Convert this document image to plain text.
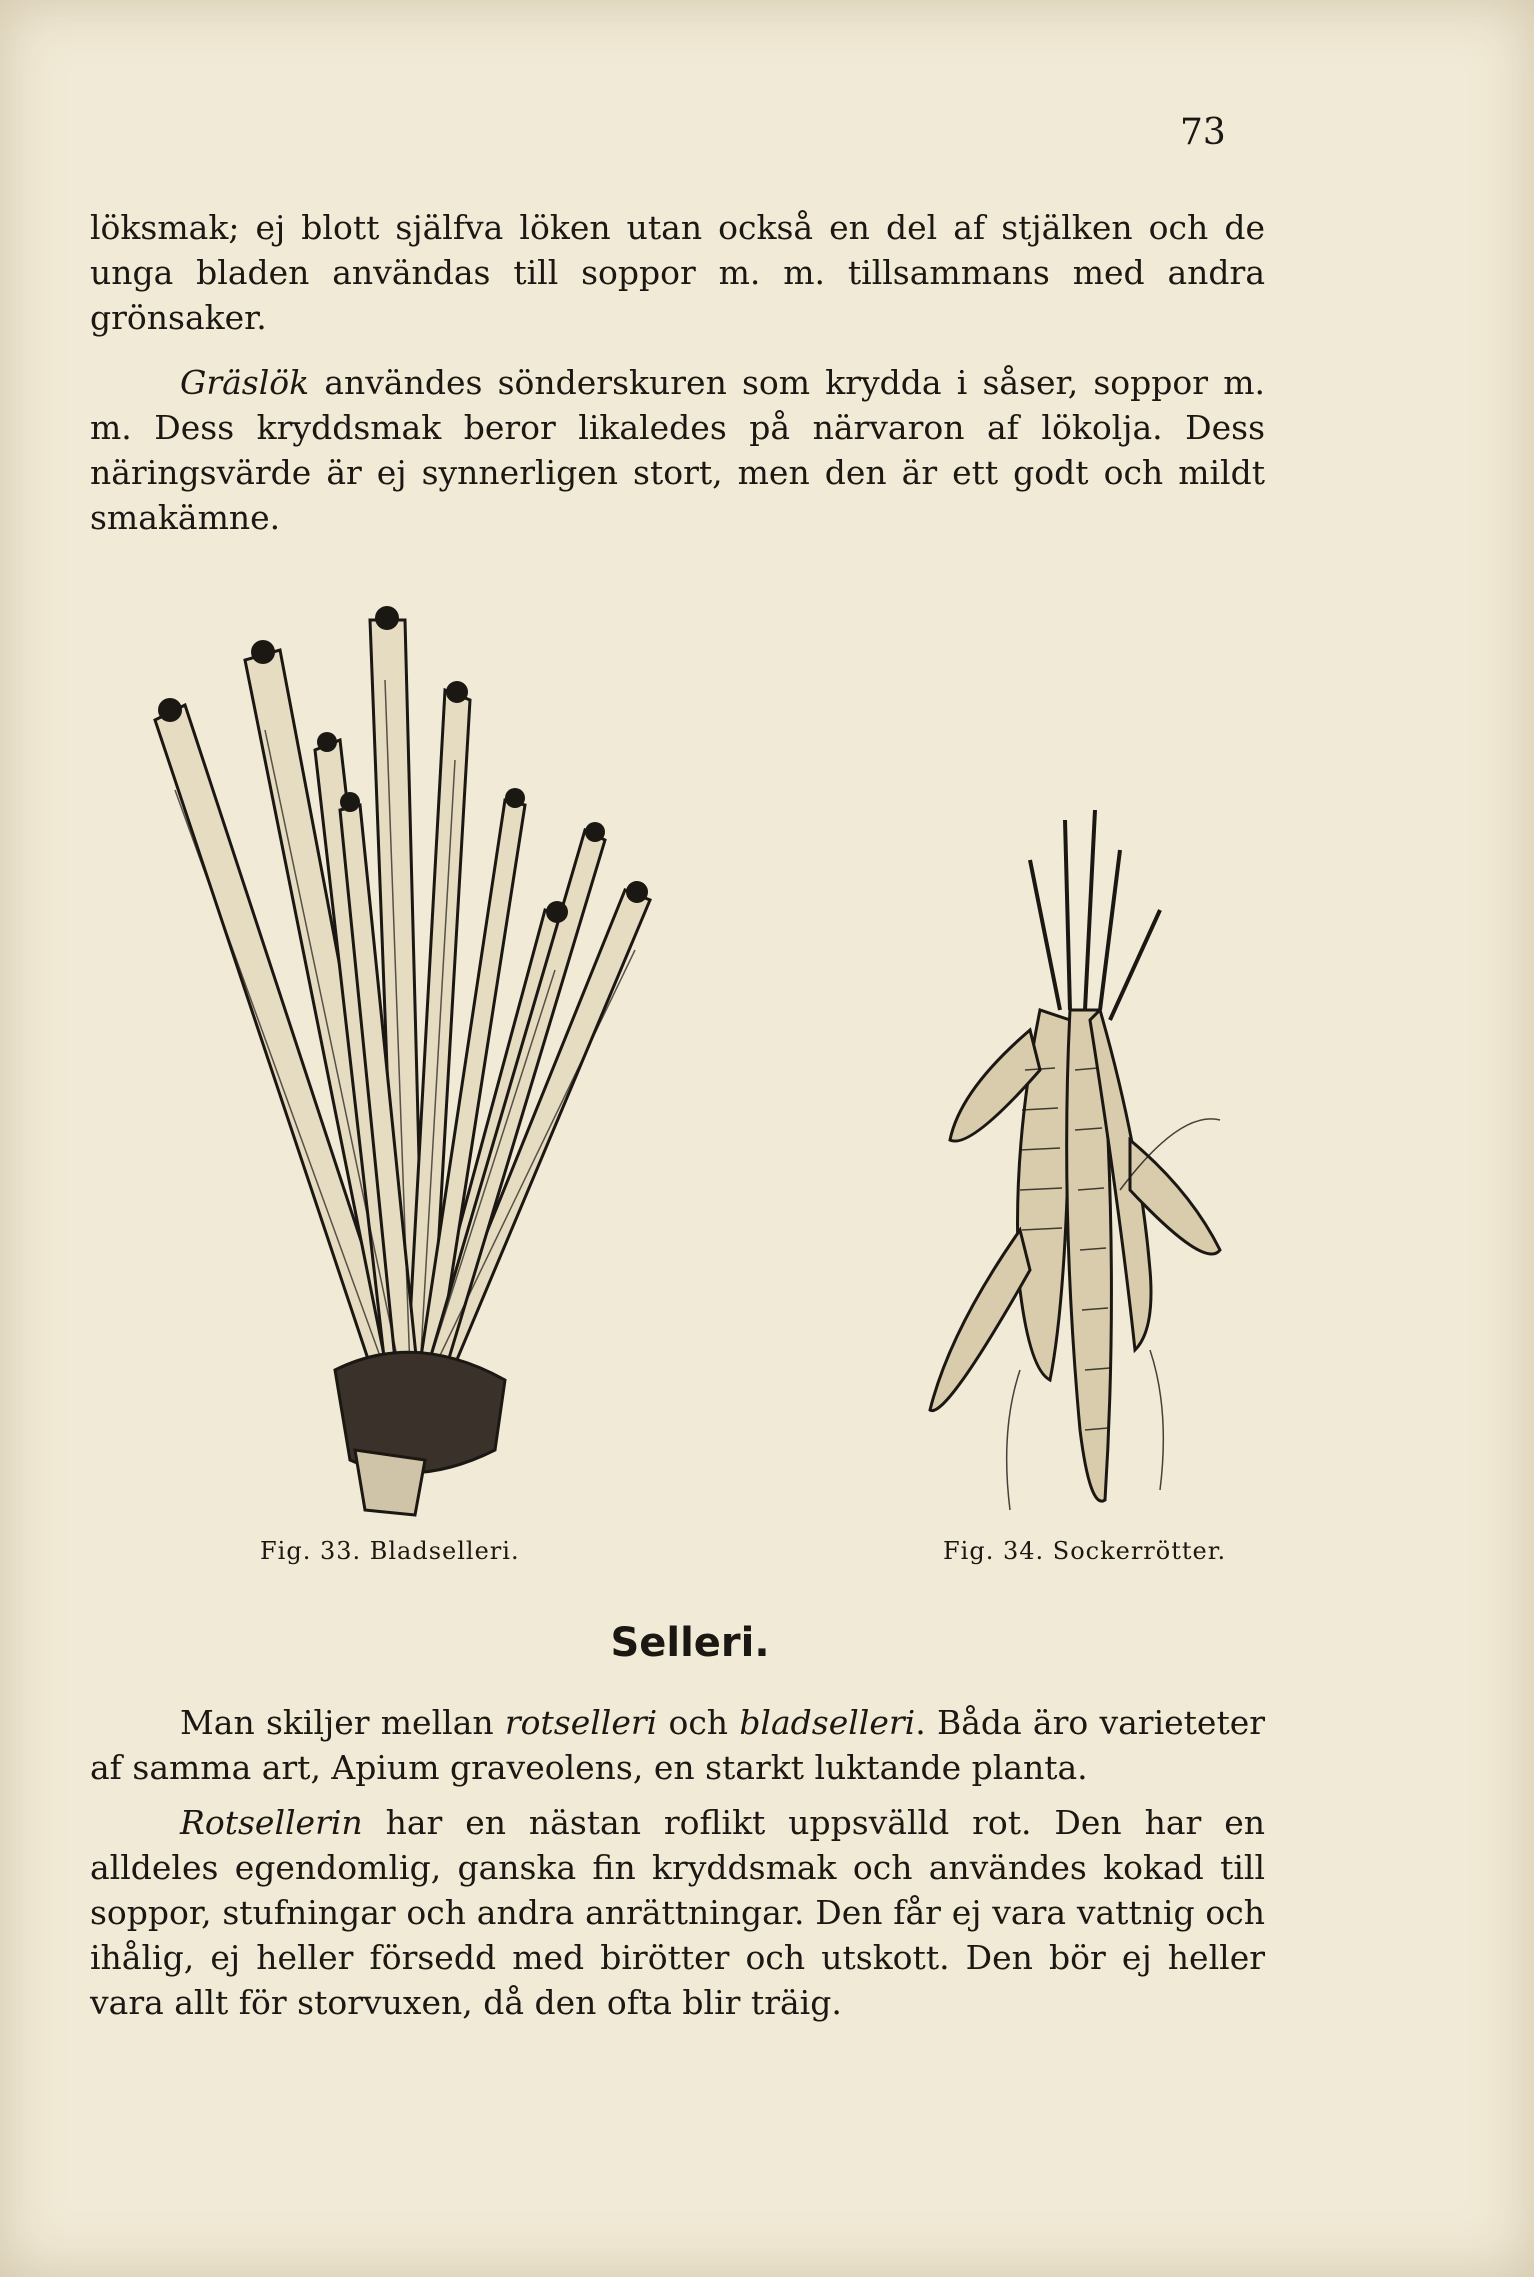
73

löksmak; ej blott själfva löken utan också en del af stjälken och de unga bladen användas till soppor m. m. tillsammans med andra grönsaker.

Gräslök användes sönderskuren som krydda i såser, soppor m. m. Dess kryddsmak beror likaledes på närvaron af lökolja. Dess näringsvärde är ej synnerligen stort, men den är ett godt och mildt smakämne.

Fig. 33. Bladselleri.	Fig. 34. Sockerrötter.
Selleri.

Man skiljer mellan rotselleri och bladselleri. Båda äro varieteter af samma art, Apium graveolens, en starkt luktande planta.

Rotsellerin har en nästan roflikt uppsvälld rot. Den har en alldeles egendomlig, ganska fin kryddsmak och användes kokad till soppor, stufningar och andra anrättningar. Den får ej vara vattnig och ihålig, ej heller försedd med birötter och utskott. Den bör ej heller vara allt för storvuxen, då den ofta blir träig.
